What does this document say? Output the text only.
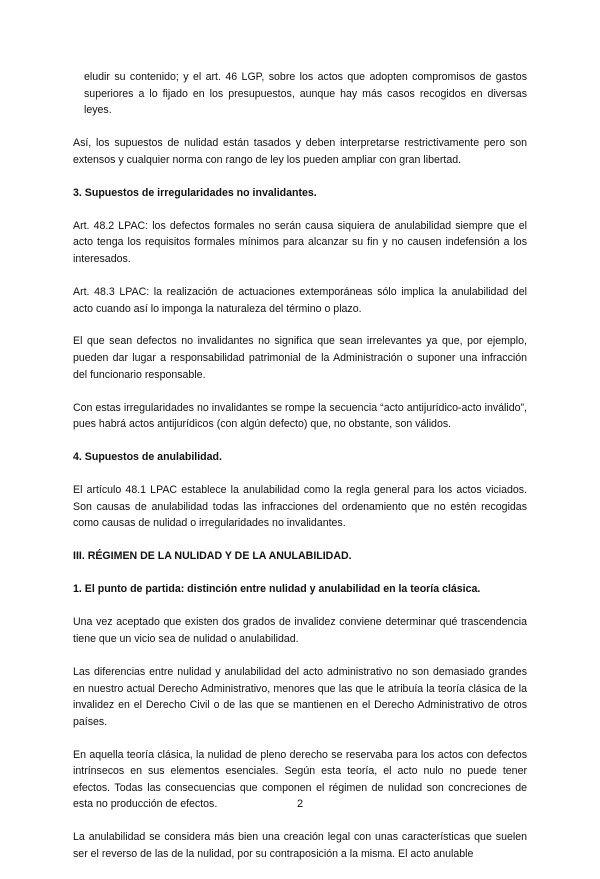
eludir su contenido; y el art. 46 LGP, sobre los actos que adopten compromisos de gastos superiores a lo fijado en los presupuestos, aunque hay más casos recogidos en diversas leyes.

Así, los supuestos de nulidad están tasados y deben interpretarse restrictivamente pero son extensos y cualquier norma con rango de ley los pueden ampliar con gran libertad.

3. Supuestos de irregularidades no invalidantes.

Art. 48.2 LPAC: los defectos formales no serán causa siquiera de anulabilidad siempre que el acto tenga los requisitos formales mínimos para alcanzar su fin y no causen indefensión a los interesados.

Art. 48.3 LPAC: la realización de actuaciones extemporáneas sólo implica la anulabilidad del acto cuando así lo imponga la naturaleza del término o plazo.

El que sean defectos no invalidantes no significa que sean irrelevantes ya que, por ejemplo, pueden dar lugar a responsabilidad patrimonial de la Administración o suponer una infracción del funcionario responsable.

Con estas irregularidades no invalidantes se rompe la secuencia “acto antijurídico-acto inválido”, pues habrá actos antijurídicos (con algún defecto) que, no obstante, son válidos.

4. Supuestos de anulabilidad.

El artículo 48.1 LPAC establece la anulabilidad como la regla general para los actos viciados. Son causas de anulabilidad todas las infracciones del ordenamiento que no estén recogidas como causas de nulidad o irregularidades no invalidantes.

III. RÉGIMEN DE LA NULIDAD Y DE LA ANULABILIDAD.
1. El punto de partida: distinción entre nulidad y anulabilidad en la teoría clásica.

Una vez aceptado que existen dos grados de invalidez conviene determinar qué trascendencia tiene que un vicio sea de nulidad o anulabilidad.

Las diferencias entre nulidad y anulabilidad del acto administrativo no son demasiado grandes en nuestro actual Derecho Administrativo, menores que las que le atribuía la teoría clásica de la invalidez en el Derecho Civil o de las que se mantienen en el Derecho Administrativo de otros países.

En aquella teoría clásica, la nulidad de pleno derecho se reservaba para los actos con defectos intrínsecos en sus elementos esenciales. Según esta teoría, el acto nulo no puede tener efectos. Todas las consecuencias que componen el régimen de nulidad son concreciones de esta no producción de efectos.

La anulabilidad se considera más bien una creación legal con unas características que suelen ser el reverso de las de la nulidad, por su contraposición a la misma. El acto anulable

2
